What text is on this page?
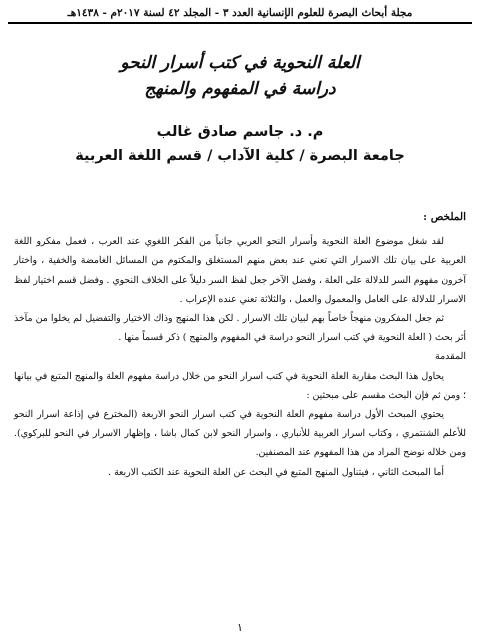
مجلة أبحاث البصرة للعلوم الإنسانية العدد ٣ - المجلد ٤٢ لسنة ٢٠١٧م - ١٤٣٨هـ
العلة النحوية في كتب أسرار النحو
دراسة في المفهوم والمنهج
م. د. جاسم صادق غالب
جامعة البصرة / كلية الآداب / قسم اللغة العربية

الملخص :

لقد شغل موضوع العلة النحوية وأسرار النحو العربي جانباً من الفكر اللغوي عند العرب ، فعمل مفكرو اللغة العربية على بيان تلك الاسرار التي تعني عند بعض منهم المستغلق والمكتوم من المسائل الغامضة والخفية ، واختار آخرون مفهوم السر للدلالة على العلة ، وفضل الآخر جعل لفظ السر دليلاً على الخلاف النحوي . وفضل قسم اختيار لفظ الاسرار للدلالة على العامل والمعمول والعمل ، والثلاثة تعني عنده الإعراب .

ثم جعل المفكرون منهجاً خاصاً بهم لبيان تلك الاسرار . لكن هذا المنهج وذاك الاختيار والتفضيل لم يخلوا من مآخذ أثر بحث ( العلة النحوية في كتب اسرار النحو دراسة في المفهوم والمنهج ) ذكر قسماً منها .

المقدمة

يحاول هذا البحث مقاربة العلة النحوية في كتب اسرار النحو من خلال دراسة مفهوم العلة والمنهج المتبع في بيانها ؛ ومن ثم فإن البحث مقسم على مبحثين :

يحتوي المبحث الأول دراسة مفهوم العلة النحوية في كتب اسرار النحو الاربعة (المخترع في إذاعة اسرار النحو للأعلم الشنتمري ، وكتاب اسرار العربية للأنباري ، واسرار النحو لابن كمال باشا ، وإظهار الاسرار في النحو للبركوي). ومن خلاله نوضح المراد من هذا المفهوم عند المصنفين.

أما المبحث الثاني ، فيتناول المنهج المتبع في البحث عن العلة النحوية عند الكتب الاربعة .

١
